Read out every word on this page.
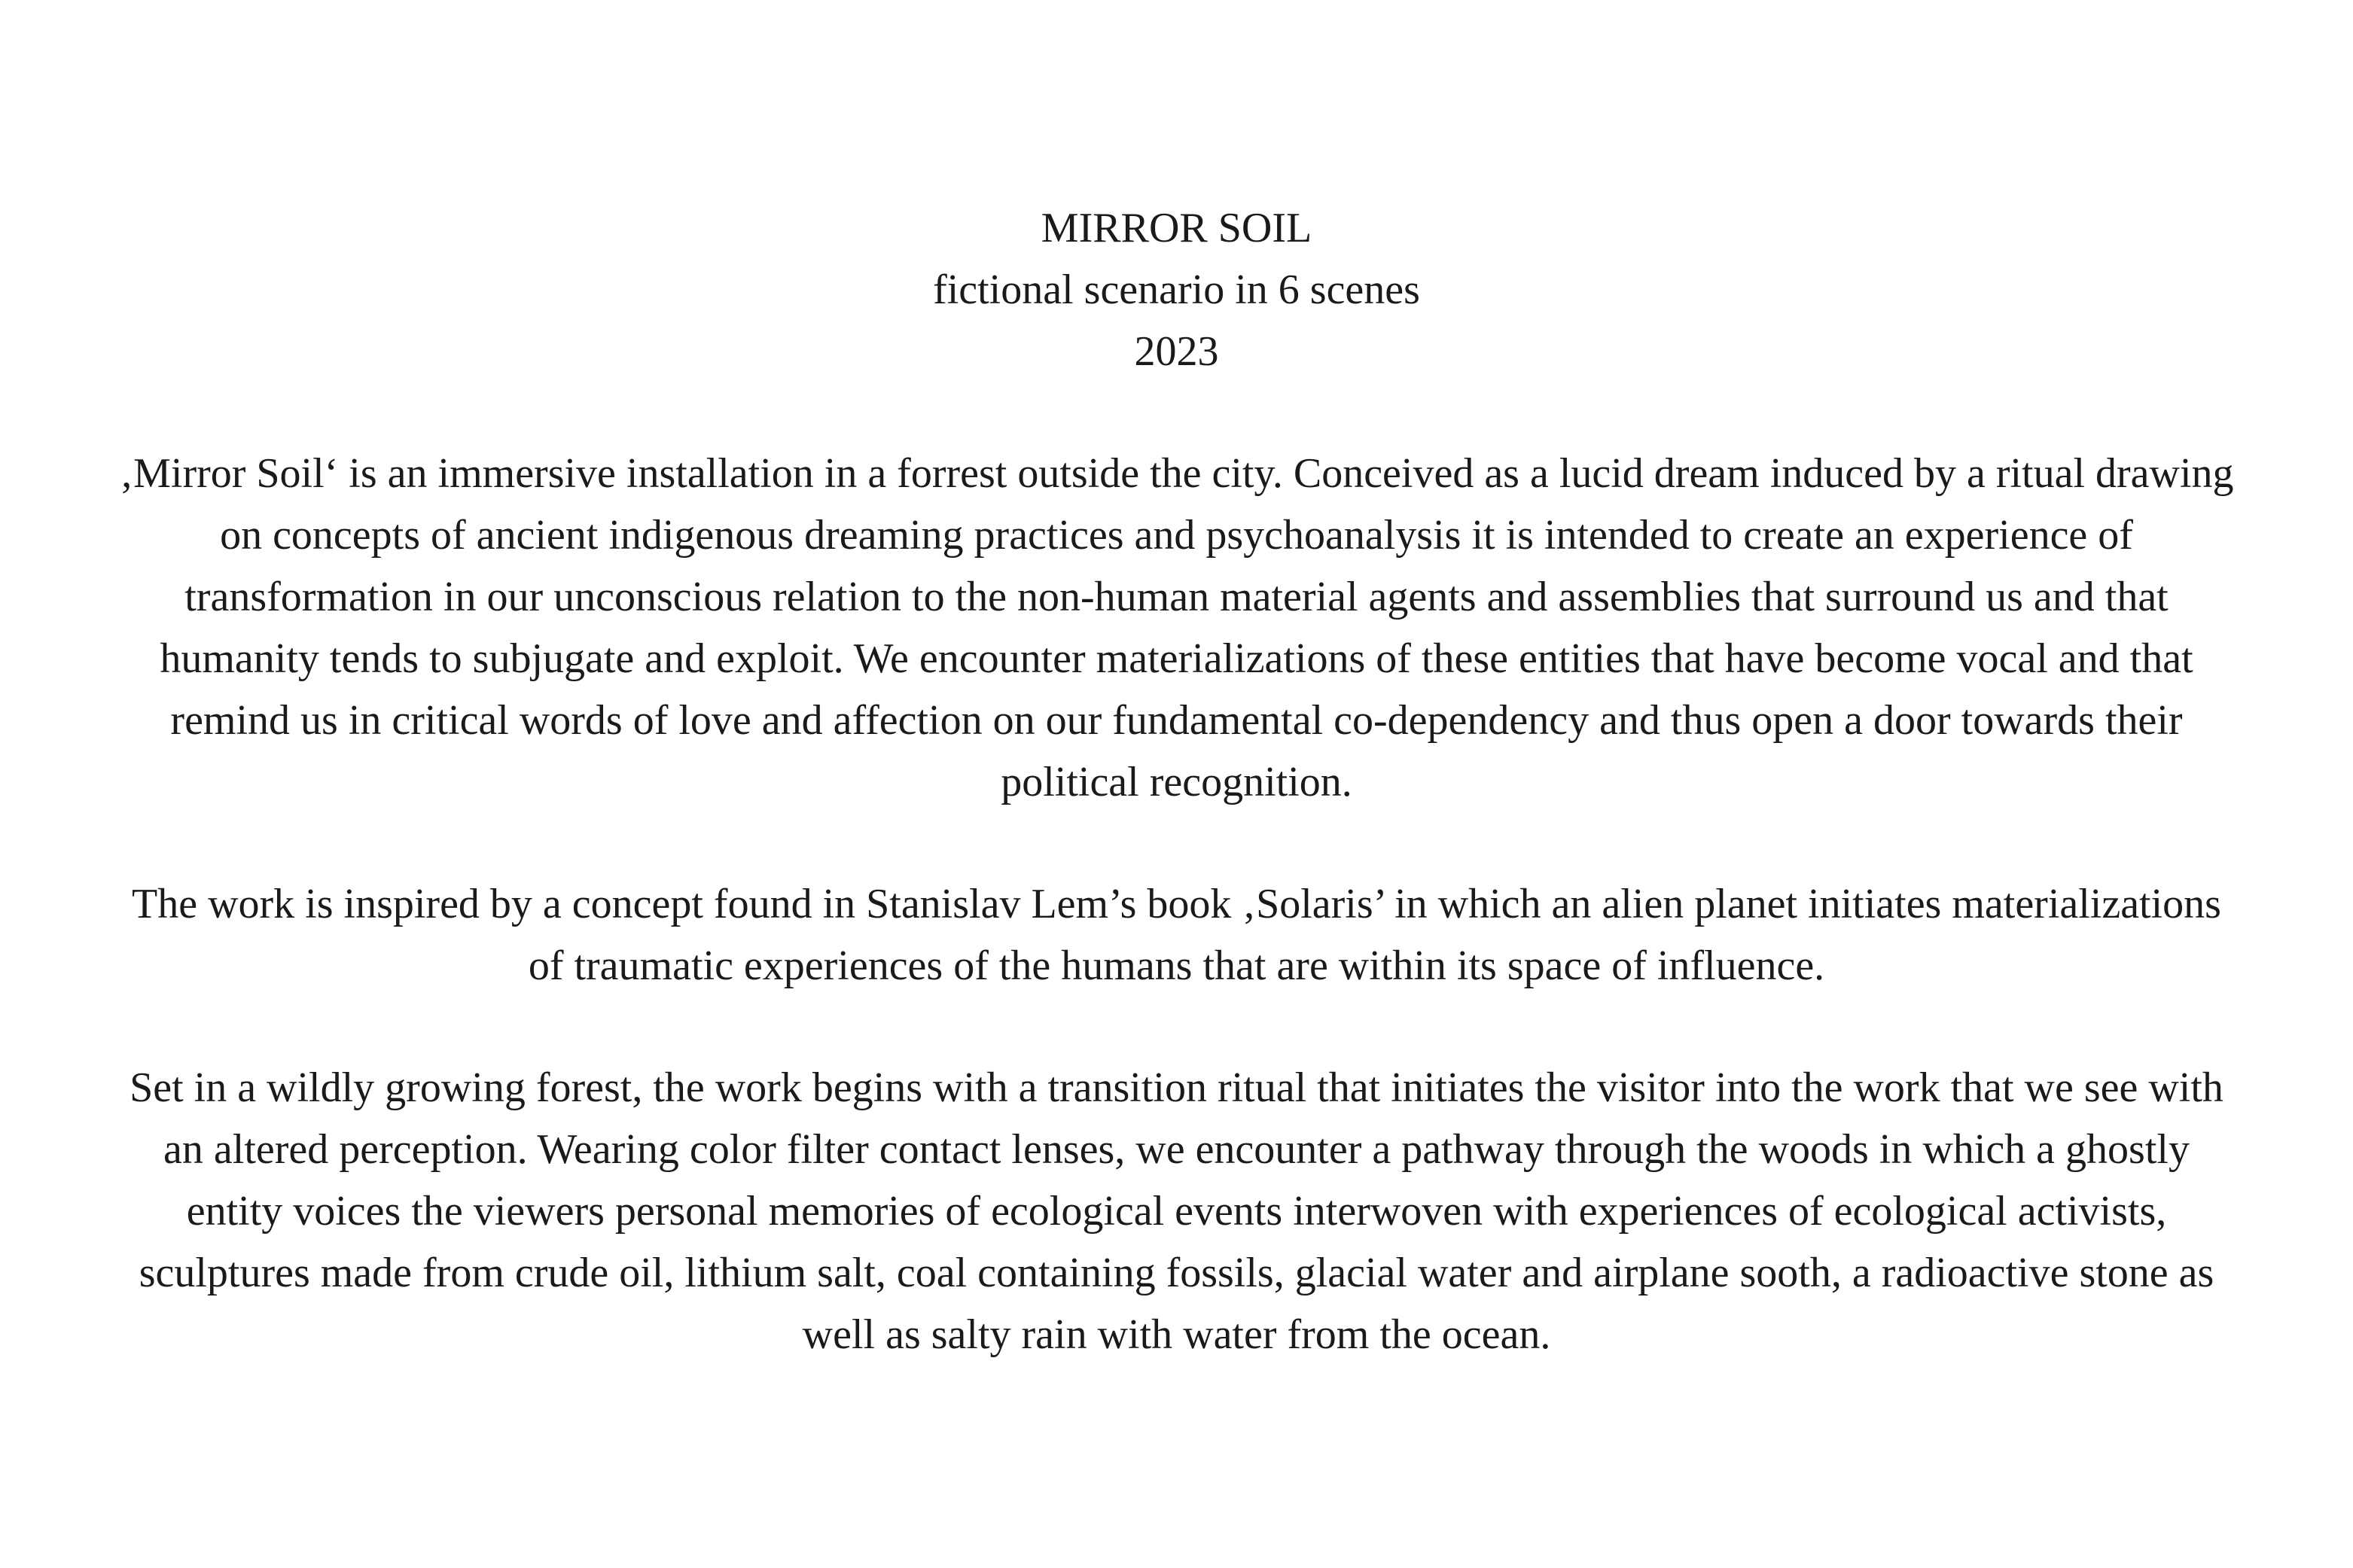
MIRROR SOIL
fictional scenario in 6 scenes
2023

‚Mirror Soil‘ is an immersive installation in a forrest outside the city. Conceived as a lucid dream induced by a ritual drawing on concepts of ancient indigenous dreaming practices and psychoanalysis it is intended to create an experience of transformation in our unconscious relation to the non-human material agents and assemblies that surround us and that humanity tends to subjugate and exploit. We encounter materializations of these entities that have become vocal and that remind us in critical words of love and affection on our fundamental co-dependency and thus open a door towards their political recognition.

The work is inspired by a concept found in Stanislav Lem’s book ‚Solaris’ in which an alien planet initiates materializations of traumatic experiences of the humans that are within its space of influence.

Set in a wildly growing forest, the work begins with a transition ritual that initiates the visitor into the work that we see with an altered perception. Wearing color filter contact lenses, we encounter a pathway through the woods in which a ghostly entity voices the viewers personal memories of ecological events interwoven with experiences of ecological activists, sculptures made from crude oil, lithium salt, coal containing fossils, glacial water and airplane sooth, a radioactive stone as well as salty rain with water from the ocean.
